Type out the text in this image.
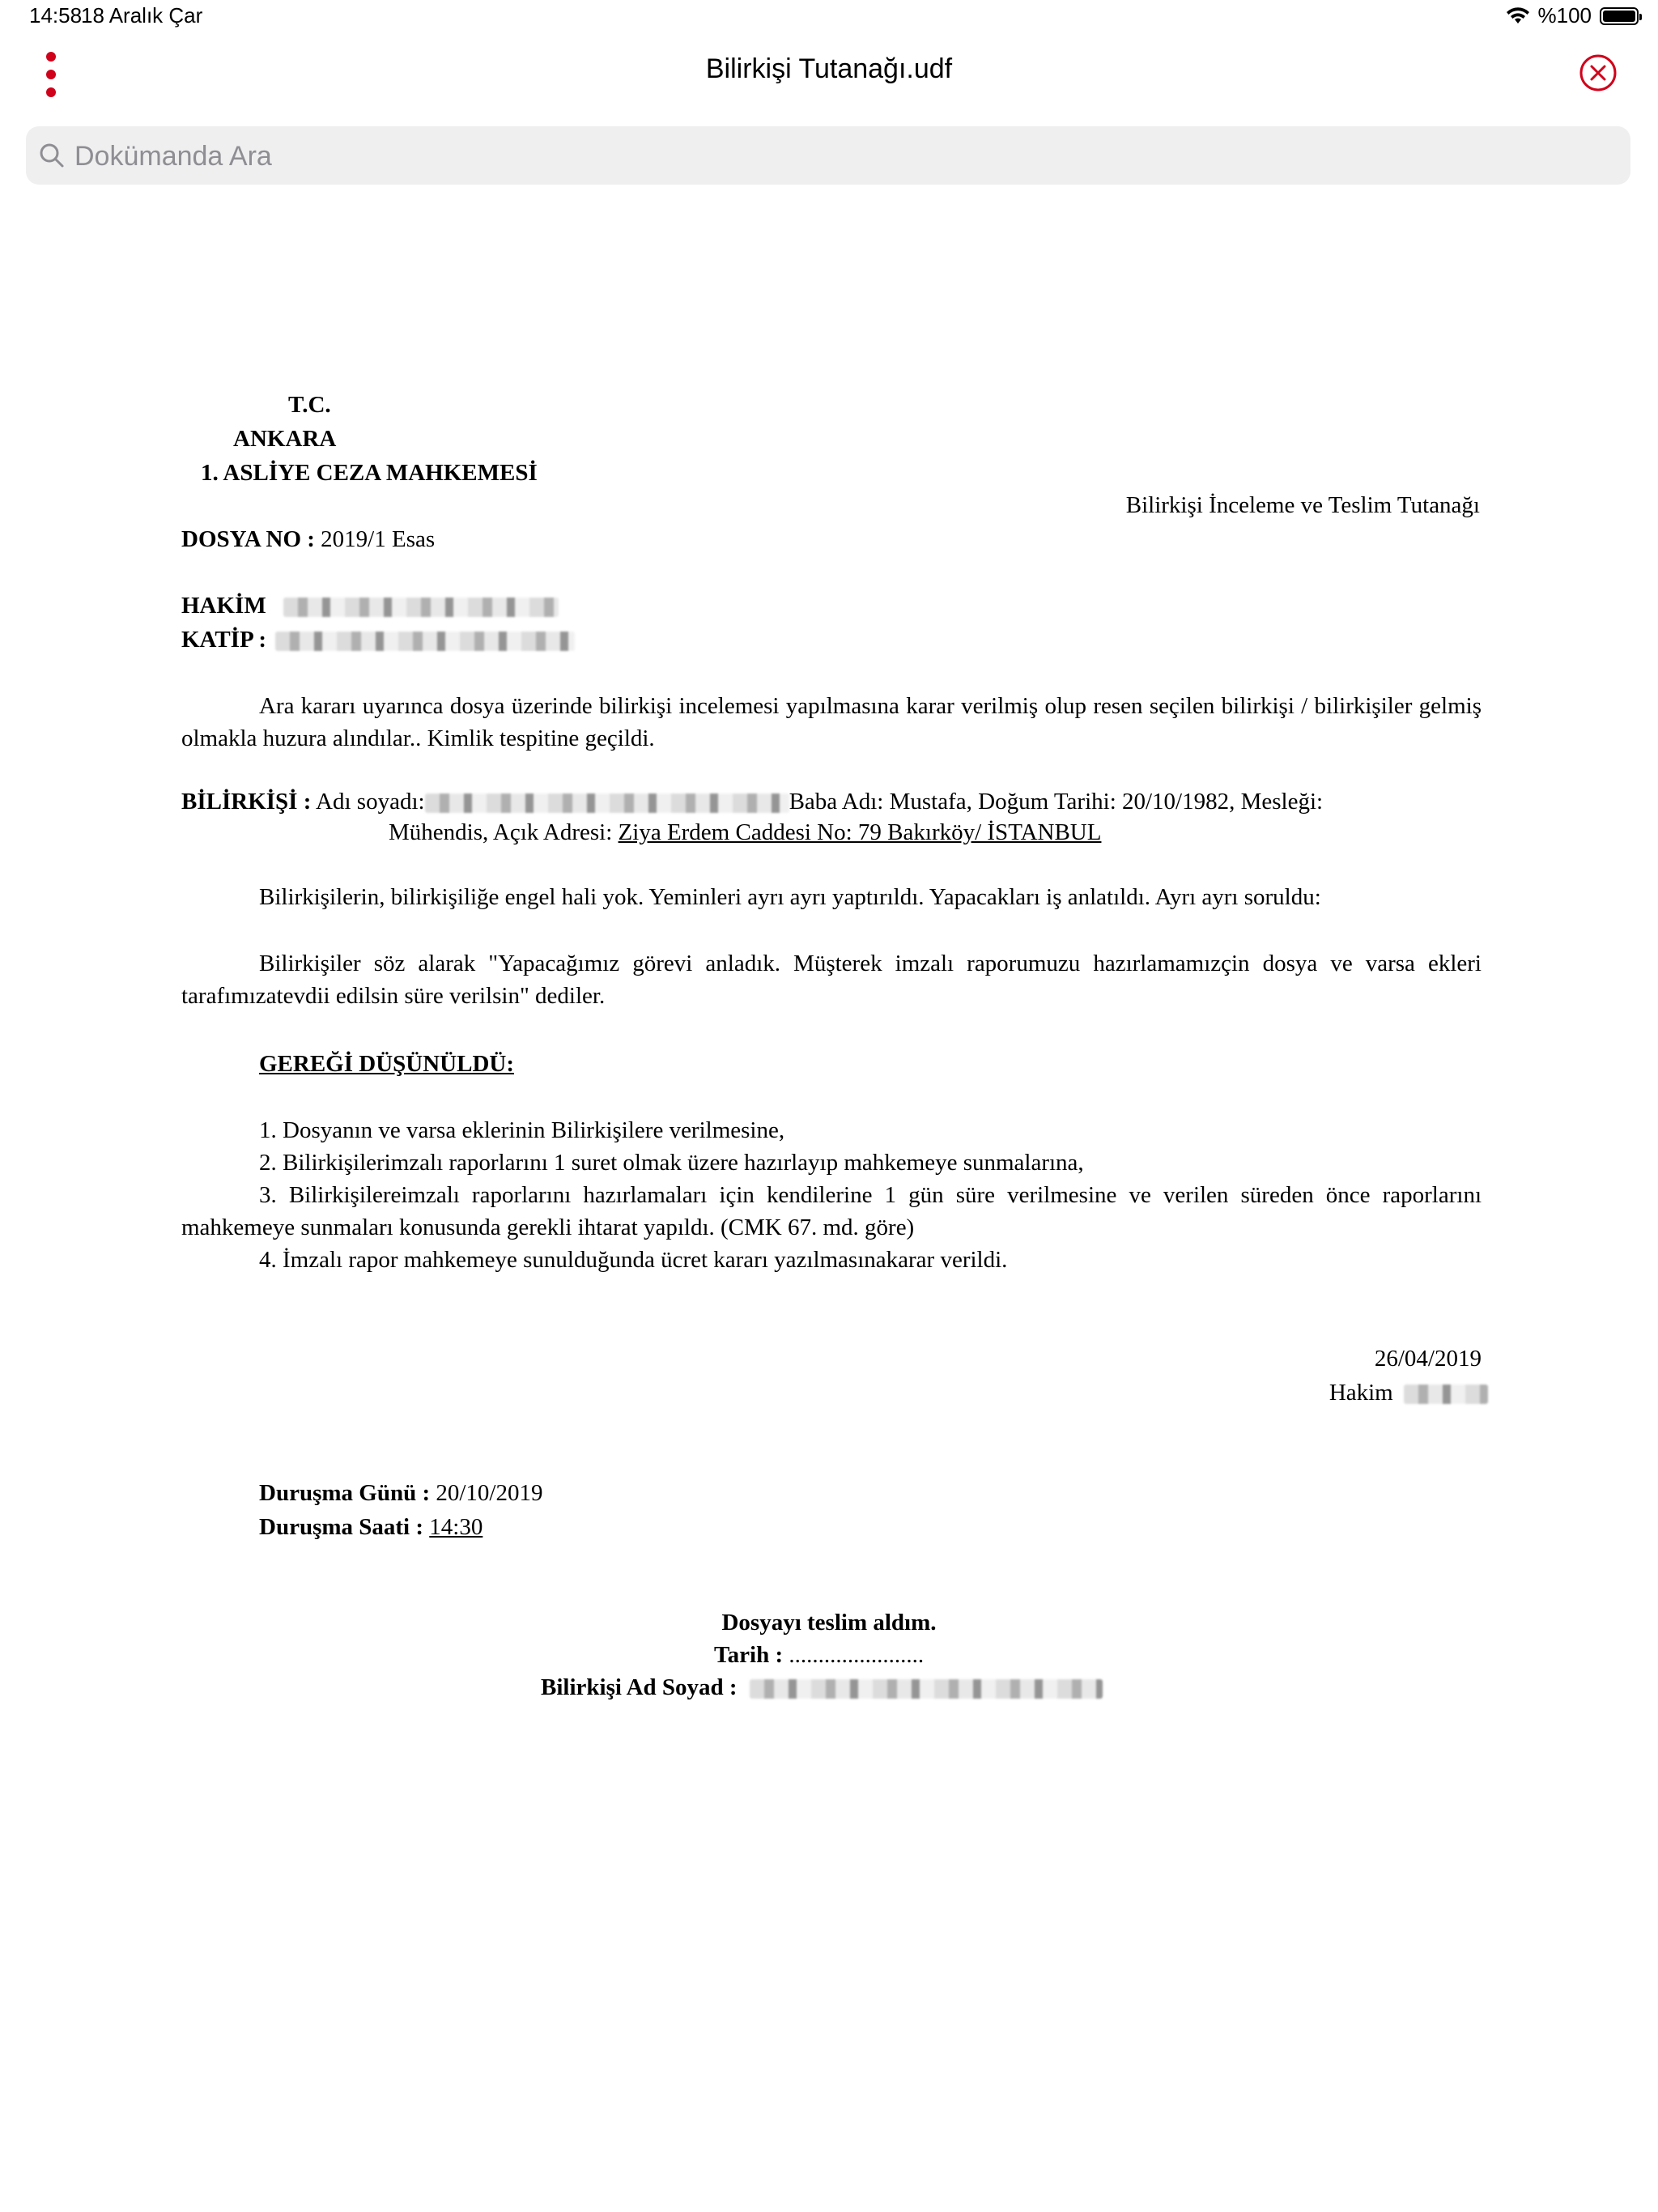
14:58
18 Aralık Çar	%100
Bilirkişi Tutanağı.udf
Dokümanda Ara
T.C.
ANKARA
1. ASLİYE CEZA MAHKEMESİ
Bilirkişi İnceleme ve Teslim Tutanağı
DOSYA NO : 2019/1 Esas
HAKİM
KATİP :
Ara kararı uyarınca dosya üzerinde bilirkişi incelemesi yapılmasına karar verilmiş olup resen seçilen bilirkişi / bilirkişiler gelmiş olmakla huzura alındılar.. Kimlik tespitine geçildi.
BİLİRKİŞİ : Adı soyadı:	Baba Adı: Mustafa, Doğum Tarihi: 20/10/1982, Mesleği:
Mühendis, Açık Adresi: Ziya Erdem Caddesi No: 79 Bakırköy/ İSTANBUL
Bilirkişilerin, bilirkişiliğe engel hali yok. Yeminleri ayrı ayrı yaptırıldı. Yapacakları iş anlatıldı. Ayrı ayrı soruldu:
Bilirkişiler söz alarak "Yapacağımız görevi anladık. Müşterek imzalı raporumuzu hazırlamamızçin dosya ve varsa ekleri tarafımızatevdii edilsin süre verilsin" dediler.
GEREĞİ DÜŞÜNÜLDÜ:
1. Dosyanın ve varsa eklerinin Bilirkişilere verilmesine,
2. Bilirkişilerimzalı raporlarını 1 suret olmak üzere hazırlayıp mahkemeye sunmalarına,
3. Bilirkişilereimzalı raporlarını hazırlamaları için kendilerine 1 gün süre verilmesine ve verilen süreden önce raporlarını mahkemeye sunmaları konusunda gerekli ihtarat yapıldı. (CMK 67. md. göre)
4. İmzalı rapor mahkemeye sunulduğunda ücret kararı yazılmasınakarar verildi.
26/04/2019
Hakim
Duruşma Günü : 20/10/2019
Duruşma Saati : 14:30
Dosyayı teslim aldım.
Tarih : .......................
Bilirkişi Ad Soyad :
